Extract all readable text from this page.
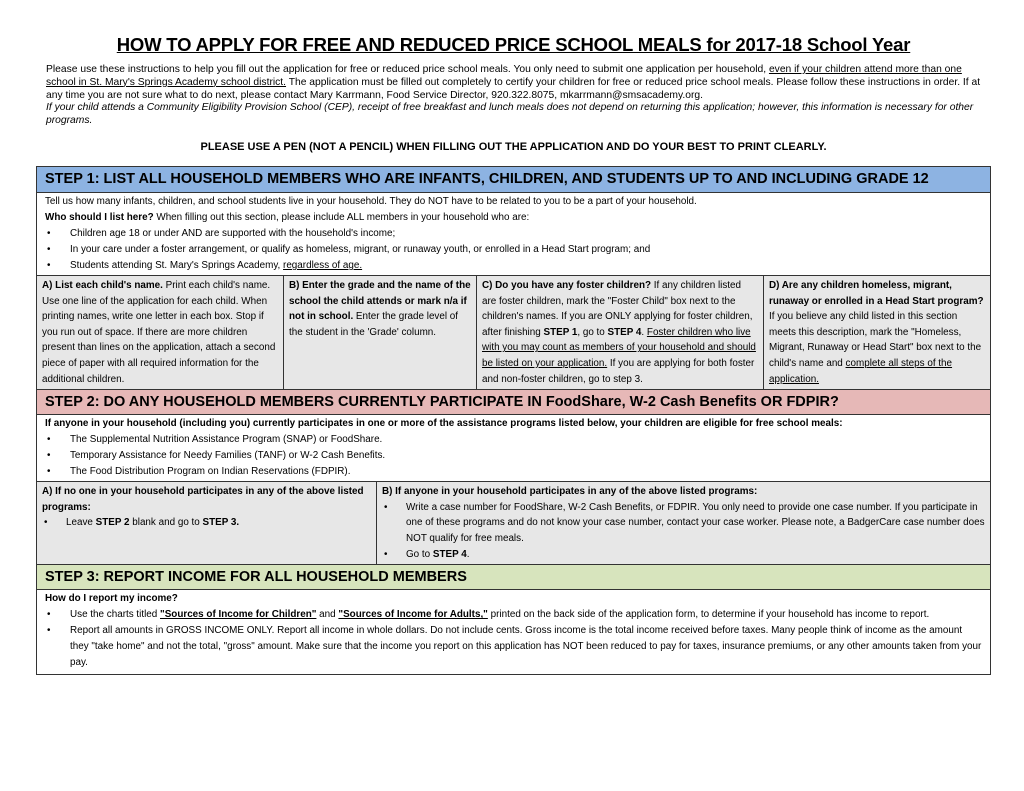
HOW TO APPLY FOR FREE AND REDUCED PRICE SCHOOL MEALS for 2017-18 School Year

Please use these instructions to help you fill out the application for free or reduced price school meals. You only need to submit one application per household, even if your children attend more than one school in St. Mary's Springs Academy school district. The application must be filled out completely to certify your children for free or reduced price school meals. Please follow these instructions in order. If at any time you are not sure what to do next, please contact Mary Karrmann, Food Service Director, 920.322.8075, mkarrmann@smsacademy.org.

If your child attends a Community Eligibility Provision School (CEP), receipt of free breakfast and lunch meals does not depend on returning this application; however, this information is necessary for other programs.

PLEASE USE A PEN (NOT A PENCIL) WHEN FILLING OUT THE APPLICATION AND DO YOUR BEST TO PRINT CLEARLY.
STEP 1: LIST ALL HOUSEHOLD MEMBERS WHO ARE INFANTS, CHILDREN, AND STUDENTS UP TO AND INCLUDING GRADE 12
Tell us how many infants, children, and school students live in your household. They do NOT have to be related to you to be a part of your household.
Who should I list here? When filling out this section, please include ALL members in your household who are:
• Children age 18 or under AND are supported with the household's income;
• In your care under a foster arrangement, or qualify as homeless, migrant, or runaway youth, or enrolled in a Head Start program; and
• Students attending St. Mary's Springs Academy, regardless of age.
A) List each child's name. Print each child's name. Use one line of the application for each child. When printing names, write one letter in each box. Stop if you run out of space. If there are more children present than lines on the application, attach a second piece of paper with all required information for the additional children.
B) Enter the grade and the name of the school the child attends or mark n/a if not in school. Enter the grade level of the student in the 'Grade' column.
C) Do you have any foster children? If any children listed are foster children, mark the "Foster Child" box next to the children's names. If you are ONLY applying for foster children, after finishing STEP 1, go to STEP 4. Foster children who live with you may count as members of your household and should be listed on your application. If you are applying for both foster and non-foster children, go to step 3.
D) Are any children homeless, migrant, runaway or enrolled in a Head Start program? If you believe any child listed in this section meets this description, mark the "Homeless, Migrant, Runaway or Head Start" box next to the child's name and complete all steps of the application.
STEP 2: DO ANY HOUSEHOLD MEMBERS CURRENTLY PARTICIPATE IN FoodShare, W-2 Cash Benefits OR FDPIR?
If anyone in your household (including you) currently participates in one or more of the assistance programs listed below, your children are eligible for free school meals:
• The Supplemental Nutrition Assistance Program (SNAP) or FoodShare.
• Temporary Assistance for Needy Families (TANF) or W-2 Cash Benefits.
• The Food Distribution Program on Indian Reservations (FDPIR).
A) If no one in your household participates in any of the above listed programs:
• Leave STEP 2 blank and go to STEP 3.
B) If anyone in your household participates in any of the above listed programs:
• Write a case number for FoodShare, W-2 Cash Benefits, or FDPIR. You only need to provide one case number. If you participate in one of these programs and do not know your case number, contact your case worker. Please note, a BadgerCare case number does NOT qualify for free meals.
• Go to STEP 4.
STEP 3: REPORT INCOME FOR ALL HOUSEHOLD MEMBERS
How do I report my income?
• Use the charts titled "Sources of Income for Children" and "Sources of Income for Adults," printed on the back side of the application form, to determine if your household has income to report.
• Report all amounts in GROSS INCOME ONLY. Report all income in whole dollars. Do not include cents. Gross income is the total income received before taxes. Many people think of income as the amount they "take home" and not the total, "gross" amount. Make sure that the income you report on this application has NOT been reduced to pay for taxes, insurance premiums, or any other amounts taken from your pay.
